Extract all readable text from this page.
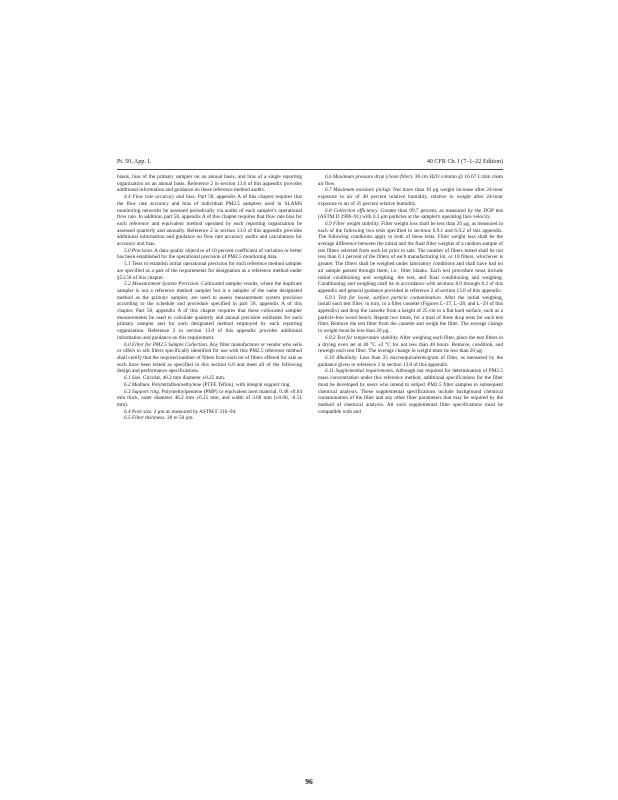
Pt. 50, App. L	40 CFR Ch. I (7–1–22 Edition)

biasis, bias of the primary sampler on an annual basis, and bias of a single reporting organization on an annual basis. Reference 2 in section 13.0 of this appendix provides additional information and guidance on these reference method audits.

4.4 Flow rate accuracy and bias. Part 58, appendix A of this chapter requires that the flow rate accuracy and bias of individual PM2.5 samplers used in SLAMS monitoring networks be assessed periodically via audits of each sampler's operational flow rate. In addition, part 58, appendix A of this chapter requires that flow rate bias for each reference and equivalent method operated by each reporting organization be assessed quarterly and annually. Reference 2 in section 13.0 of this appendix provides additional information and guidance on flow rate accuracy audits and calculations for accuracy and bias.

5.0 Precision. A data quality objective of 10 percent coefficient of variation or better has been established for the operational precision of PM2.5 monitoring data.

5.1 Tests to establish initial operational precision for each reference method sampler are specified as a part of the requirements for designation as a reference method under §53.58 of this chapter.

5.2 Measurement System Precision. Collocated sampler results, where the duplicate sampler is not a reference method sampler but is a sampler of the same designated method as the primary sampler, are used to assess measurement system precision according to the schedule and procedure specified in part 58, appendix A of this chapter. Part 58, appendix A of this chapter requires that these collocated sampler measurements be used to calculate quarterly and annual precision estimates for each primary sampler and for each designated method employed by each reporting organization. Reference 2 in section 13.0 of this appendix provides additional information and guidance on this requirement.

6.0 Filter for PM2.5 Sample Collection. Any filter manufacturer or vendor who sells or offers to sell filters specifically identified for use with this PM2.5 reference method shall certify that the required number of filters from each lot of filters offered for sale as such have been tested as specified in this section 6.0 and meet all of the following design and performance specifications.

6.1 Size. Circular, 46.2 mm diameter ±0.25 mm.

6.2 Medium. Polytetrafluoroethylene (PTFE Teflon), with integral support ring.

6.3 Support ring. Polymethylpentene (PMP) or equivalent inert material, 0.38 ±0.04 mm thick, outer diameter 46.2 mm ±0.25 mm, and width of 3.68 mm (±0.00, -0.51 mm).

6.4 Pore size. 2 μm as measured by ASTM F 316–94.

6.5 Filter thickness. 30 to 50 μm.

6.6 Maximum pressure drop (clean filter). 30 cm H2O column @ 16.67 L/min clean air flow.

6.7 Maximum moisture pickup. Not more than 10 μg weight increase after 24-hour exposure to air of 40 percent relative humidity, relative to weight after 24-hour exposure to air of 35 percent relative humidity.

6.8 Collection efficiency. Greater than 99.7 percent, as measured by the DOP test (ASTM D 2986–91) with 0.3 μm particles at the sampler's operating face velocity.

6.9 Filter weight stability. Filter weight loss shall be less than 20 μg, as measured in each of the following two tests specified in sections 6.9.1 and 6.9.2 of this appendix. The following conditions apply to both of these tests: Filter weight loss shall be the average difference between the initial and the final filter weights of a random sample of test filters selected from each lot prior to sale. The number of filters tested shall be not less than 0.1 percent of the filters of each manufacturing lot, or 10 filters, whichever is greater. The filters shall be weighed under laboratory conditions and shall have had no air sample passed through them, i.e., filter blanks. Each test procedure must include initial conditioning and weighing, the test, and final conditioning and weighing. Conditioning and weighing shall be in accordance with sections 8.0 through 8.2 of this appendix and general guidance provided in reference 2 of section 13.0 of this appendix.

6.9.1 Test for loose, surface particle contamination. After the initial weighing, install each test filter, in turn, in a filter cassette (Figures L–27, L–28, and L–29 of this appendix) and drop the cassette from a height of 25 cm to a flat hard surface, such as a particle-free wood bench. Repeat two times, for a total of three drop tests for each test filter. Remove the test filter from the cassette and weigh the filter. The average change in weight must be less than 20 μg.

6.9.2 Test for temperature stability. After weighing each filter, place the test filters in a drying oven set at 40 °C ±2 °C for not less than 48 hours. Remove, condition, and reweigh each test filter. The average change in weight must be less than 20 μg.

6.10 Alkalinity. Less than 25 microequivalents/gram of filter, as measured by the guidance given in reference 2 in section 13.0 of this appendix.

6.11 Supplemental requirements. Although not required for determination of PM2.5 mass concentration under this reference method, additional specifications for the filter must be developed by users who intend to subject PM2.5 filter samples to subsequent chemical analysis. These supplemental specifications include background chemical contamination of the filter and any other filter parameters that may be required by the method of chemical analysis. All such supplemental filter specifications must be compatible with and

96
